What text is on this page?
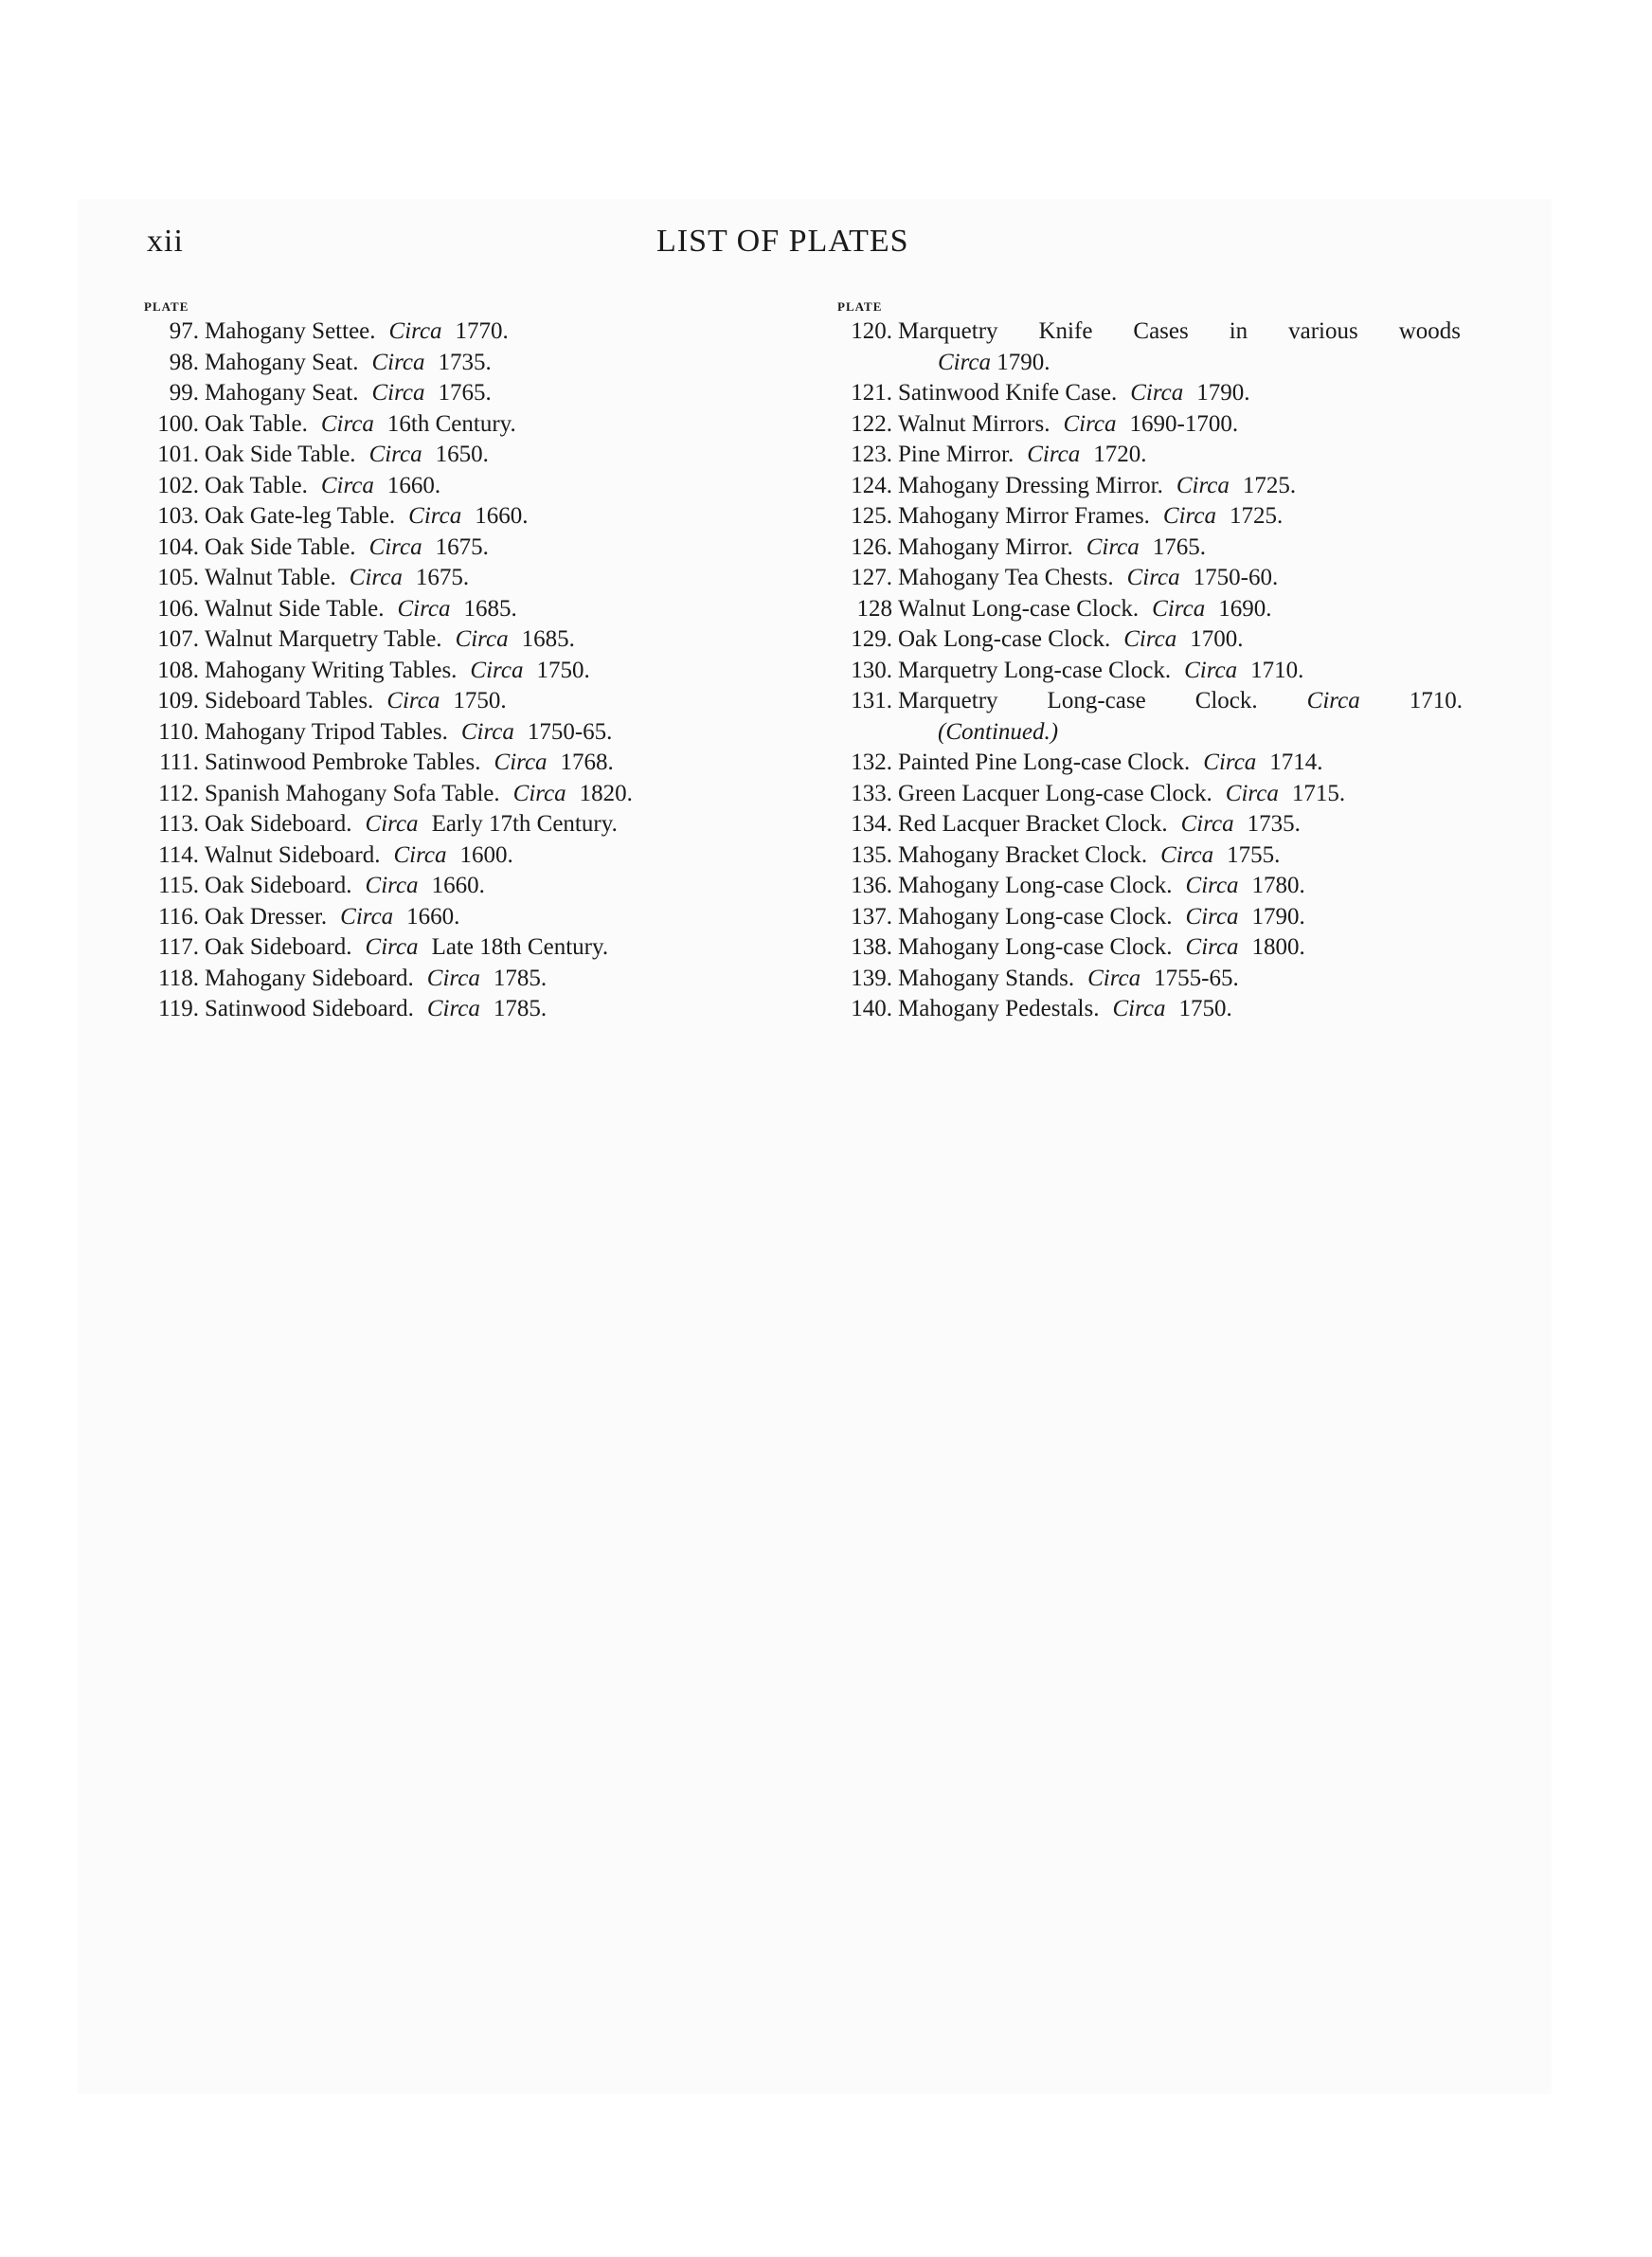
xii	LIST OF PLATES
PLATE
97. Mahogany Settee. Circa 1770.
98. Mahogany Seat. Circa 1735.
99. Mahogany Seat. Circa 1765.
100. Oak Table. Circa 16th Century.
101. Oak Side Table. Circa 1650.
102. Oak Table. Circa 1660.
103. Oak Gate-leg Table. Circa 1660.
104. Oak Side Table. Circa 1675.
105. Walnut Table. Circa 1675.
106. Walnut Side Table. Circa 1685.
107. Walnut Marquetry Table. Circa 1685.
108. Mahogany Writing Tables. Circa 1750.
109. Sideboard Tables. Circa 1750.
110. Mahogany Tripod Tables. Circa 1750-65.
111. Satinwood Pembroke Tables. Circa 1768.
112. Spanish Mahogany Sofa Table. Circa 1820.
113. Oak Sideboard. Circa Early 17th Century.
114. Walnut Sideboard. Circa 1600.
115. Oak Sideboard. Circa 1660.
116. Oak Dresser. Circa 1660.
117. Oak Sideboard. Circa Late 18th Century.
118. Mahogany Sideboard. Circa 1785.
119. Satinwood Sideboard. Circa 1785.
PLATE
120. Marquetry Knife Cases in various woods
Circa 1790.
121. Satinwood Knife Case. Circa 1790.
122. Walnut Mirrors. Circa 1690-1700.
123. Pine Mirror. Circa 1720.
124. Mahogany Dressing Mirror. Circa 1725.
125. Mahogany Mirror Frames. Circa 1725.
126. Mahogany Mirror. Circa 1765.
127. Mahogany Tea Chests. Circa 1750-60.
128 Walnut Long-case Clock. Circa 1690.
129. Oak Long-case Clock. Circa 1700.
130. Marquetry Long-case Clock. Circa 1710.
131. Marquetry Long-case Clock. Circa 1710.
(Continued.)
132. Painted Pine Long-case Clock. Circa 1714.
133. Green Lacquer Long-case Clock. Circa 1715.
134. Red Lacquer Bracket Clock. Circa 1735.
135. Mahogany Bracket Clock. Circa 1755.
136. Mahogany Long-case Clock. Circa 1780.
137. Mahogany Long-case Clock. Circa 1790.
138. Mahogany Long-case Clock. Circa 1800.
139. Mahogany Stands. Circa 1755-65.
140. Mahogany Pedestals. Circa 1750.
